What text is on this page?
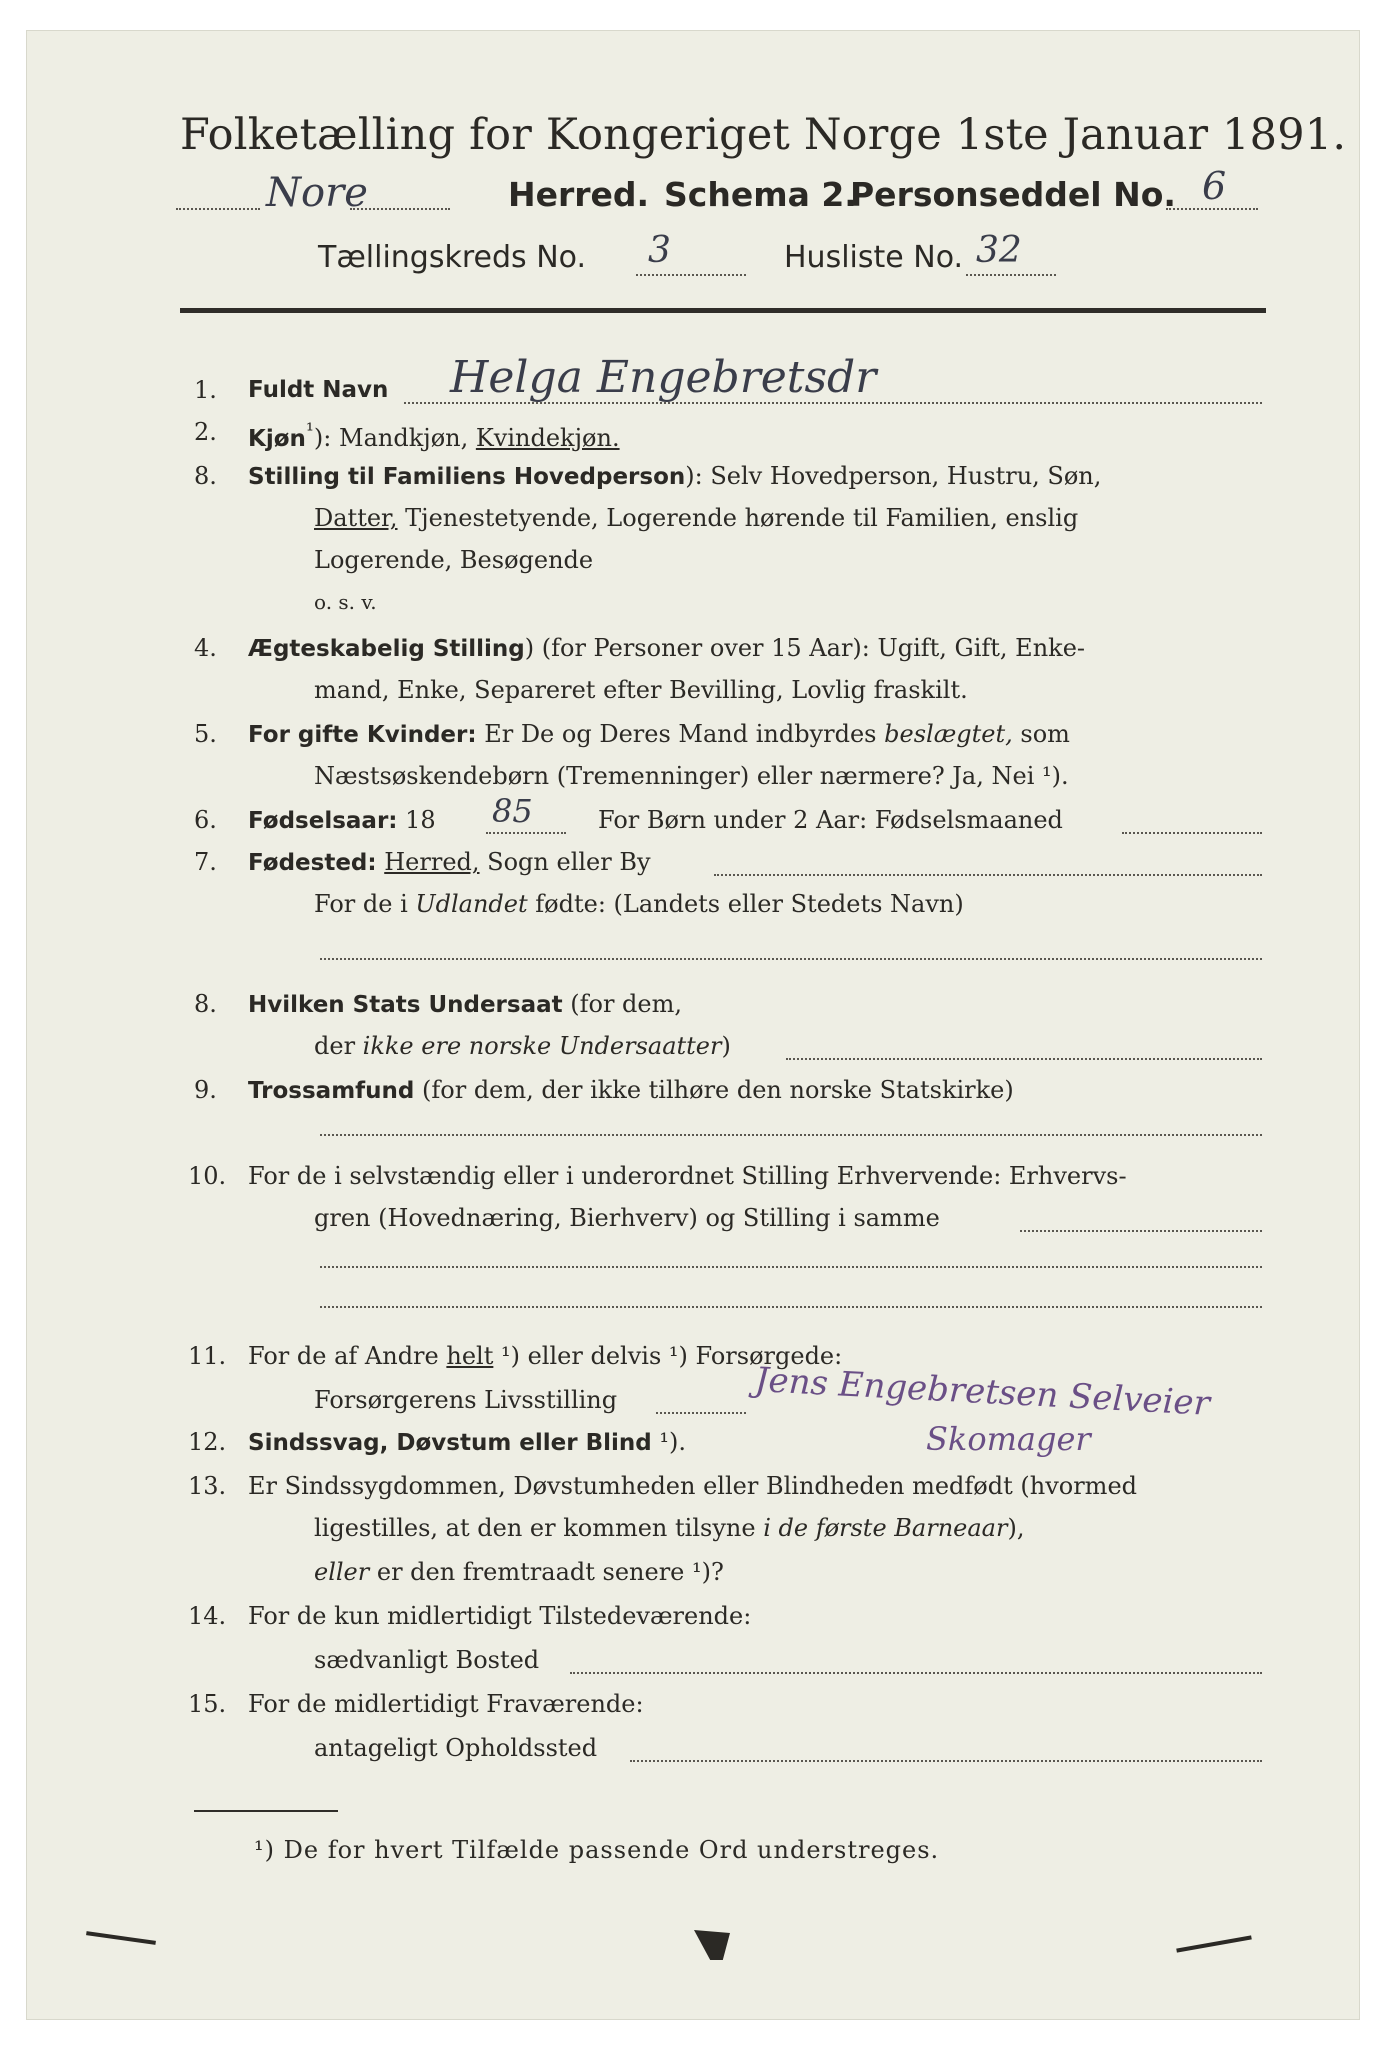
Folketælling for Kongeriget Norge 1ste Januar 1891.
Nore	Herred. Schema 2.
Personseddel No. 6
Tællingskreds No. 3	Husliste No. 32
1. Fuldt Navn Helga Engebretsdr
2. Kjøn$^{^1}$): Mandkjøn, Kvindekjøn.
8. Stilling til Familiens Hovedperson): Selv Hovedperson, Hustru, Søn,
Datter, Tjenestetyende, Logerende hørende til Familien, enslig
Logerende, Besøgende
o. s. v.
4. Ægteskabelig Stilling) (for Personer over 15 Aar): Ugift, Gift, Enke-
mand, Enke, Separeret efter Bevilling, Lovlig fraskilt.
5. For gifte Kvinder: Er De og Deres Mand indbyrdes beslægtet, som
Næstsøskendebørn (Tremenninger) eller nærmere? Ja, Nei ¹).
6. Fødselsaar: 18 85	For Børn under 2 Aar: Fødselsmaaned
7. Fødested: Herred, Sogn eller By
For de i Udlandet fødte: (Landets eller Stedets Navn)
8. Hvilken Stats Undersaat (for dem,
der ikke ere norske Undersaatter)
9. Trossamfund (for dem, der ikke tilhøre den norske Statskirke)
10. For de i selvstændig eller i underordnet Stilling Erhvervende: Erhvervs-
gren (Hovednæring, Bierhverv) og Stilling i samme
11. For de af Andre helt ¹) eller delvis ¹) Forsørgede:
Forsørgerens Livsstilling	Jens Engebretsen Selveier
12. Sindssvag, Døvstum eller Blind ¹).	Skomager
13. Er Sindssygdommen, Døvstumheden eller Blindheden medfødt (hvormed
ligestilles, at den er kommen tilsyne i de første Barneaar),
eller er den fremtraadt senere ¹)?
14. For de kun midlertidigt Tilstedeværende:
sædvanligt Bosted
15. For de midlertidigt Fraværende:
antageligt Opholdssted
¹) De for hvert Tilfælde passende Ord understreges.
